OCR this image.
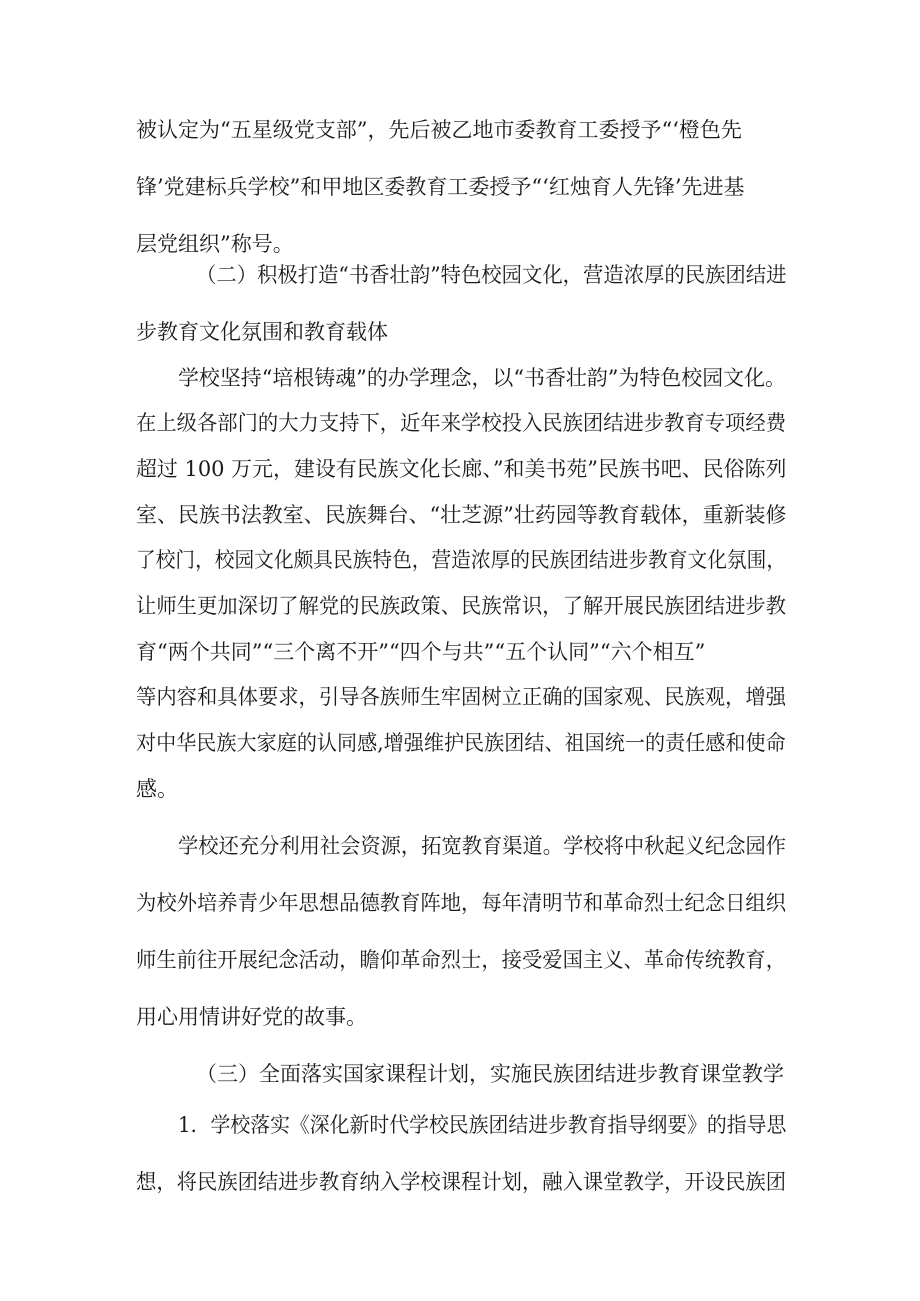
被认定为“五星级党支部”，先后被乙地市委教育工委授予“‘橙色先

锋’党建标兵学校”和甲地区委教育工委授予“‘红烛育人先锋’先进基

层党组织”称号。

（二）积极打造“书香壮韵”特色校园文化，营造浓厚的民族团结进

步教育文化氛围和教育载体

学校坚持“培根铸魂”的办学理念，以“书香壮韵”为特色校园文化。

在上级各部门的大力支持下，近年来学校投入民族团结进步教育专项经费

超过 100 万元，建设有民族文化长廊、”和美书苑”民族书吧、民俗陈列

室、民族书法教室、民族舞台、“壮芝源”壮药园等教育载体，重新装修

了校门，校园文化颇具民族特色，营造浓厚的民族团结进步教育文化氛围，

让师生更加深切了解党的民族政策、民族常识，了解开展民族团结进步教

育“两个共同”“三个离不开”“四个与共”“五个认同”“六个相互”

等内容和具体要求，引导各族师生牢固树立正确的国家观、民族观，增强

对中华民族大家庭的认同感,增强维护民族团结、祖国统一的责任感和使命

感。

学校还充分利用社会资源，拓宽教育渠道。学校将中秋起义纪念园作

为校外培养青少年思想品德教育阵地，每年清明节和革命烈士纪念日组织

师生前往开展纪念活动，瞻仰革命烈士，接受爱国主义、革命传统教育，

用心用情讲好党的故事。

（三）全面落实国家课程计划，实施民族团结进步教育课堂教学

1．学校落实《深化新时代学校民族团结进步教育指导纲要》的指导思

想，将民族团结进步教育纳入学校课程计划，融入课堂教学，开设民族团
